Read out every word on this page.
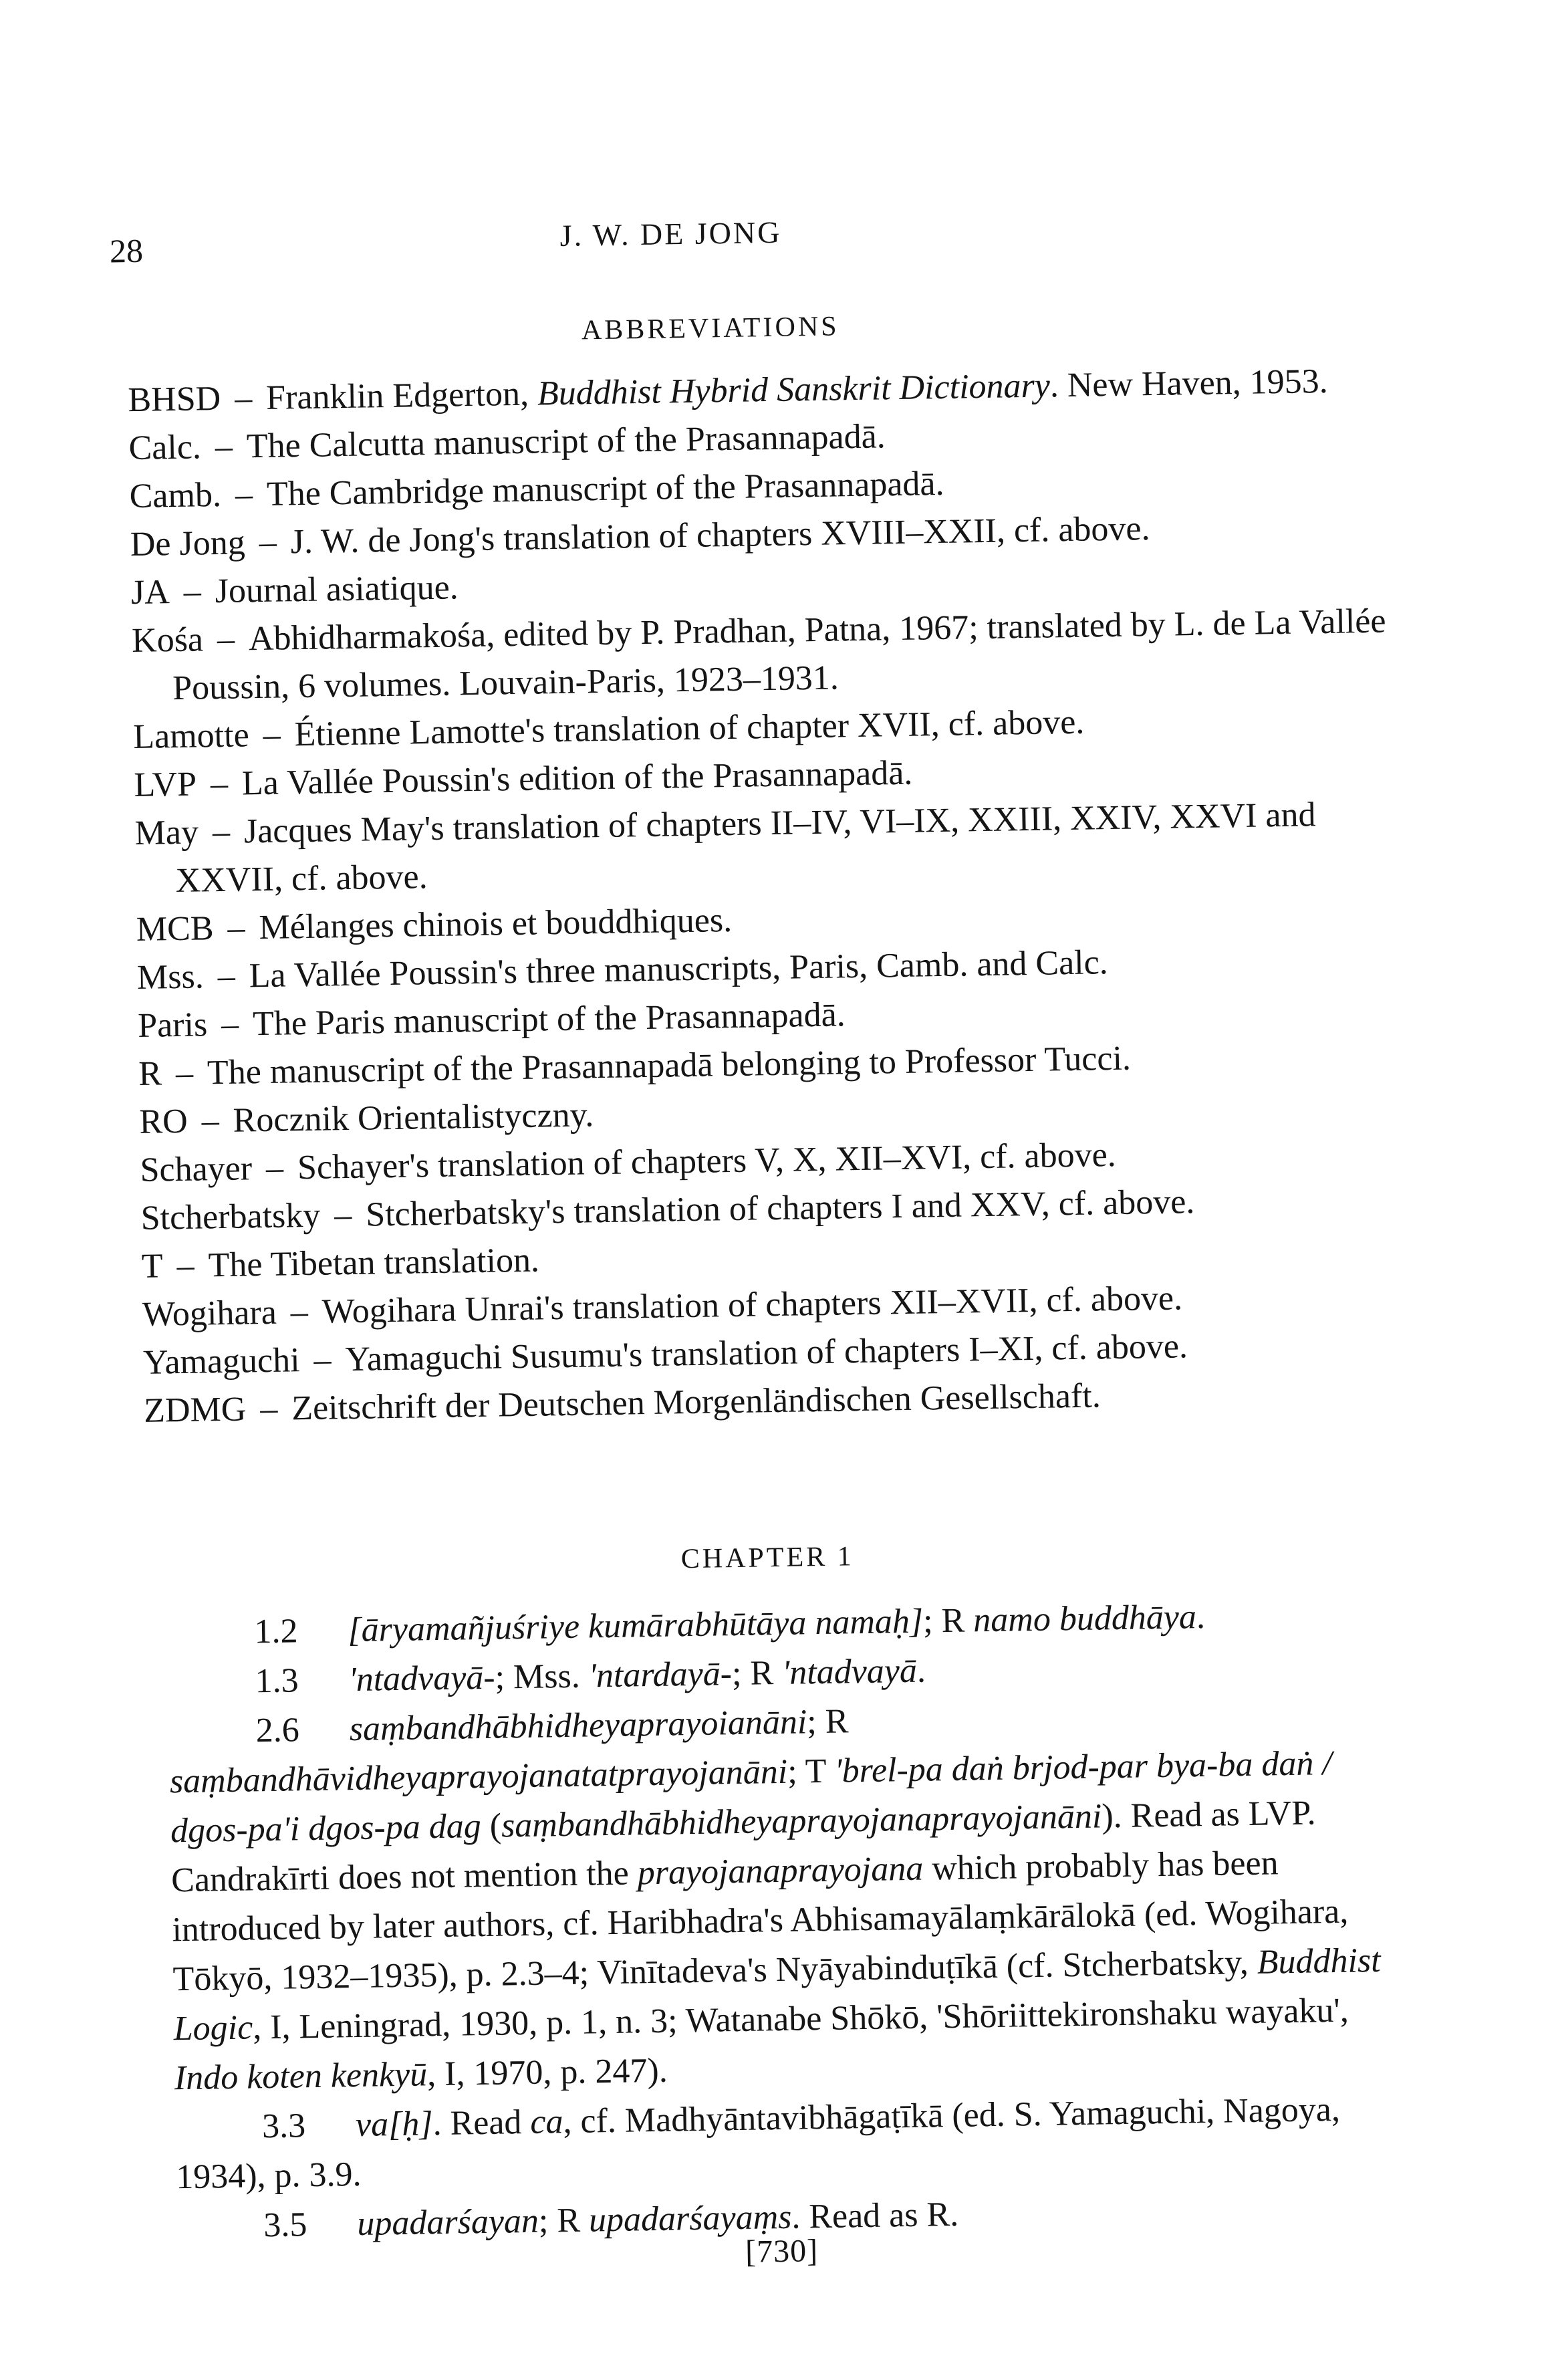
28	J. W. DE JONG
ABBREVIATIONS

BHSD – Franklin Edgerton, Buddhist Hybrid Sanskrit Dictionary. New Haven, 1953.

Calc. – The Calcutta manuscript of the Prasannapadā.

Camb. – The Cambridge manuscript of the Prasannapadā.

De Jong – J. W. de Jong's translation of chapters XVIII–XXII, cf. above.

JA – Journal asiatique.

Kośa – Abhidharmakośa, edited by P. Pradhan, Patna, 1967; translated by L. de La Vallée Poussin, 6 volumes. Louvain-Paris, 1923–1931.

Lamotte – Étienne Lamotte's translation of chapter XVII, cf. above.

LVP – La Vallée Poussin's edition of the Prasannapadā.

May – Jacques May's translation of chapters II–IV, VI–IX, XXIII, XXIV, XXVI and XXVII, cf. above.

MCB – Mélanges chinois et bouddhiques.

Mss. – La Vallée Poussin's three manuscripts, Paris, Camb. and Calc.

Paris – The Paris manuscript of the Prasannapadā.

R – The manuscript of the Prasannapadā belonging to Professor Tucci.

RO – Rocznik Orientalistyczny.

Schayer – Schayer's translation of chapters V, X, XII–XVI, cf. above.

Stcherbatsky – Stcherbatsky's translation of chapters I and XXV, cf. above.

T – The Tibetan translation.

Wogihara – Wogihara Unrai's translation of chapters XII–XVII, cf. above.

Yamaguchi – Yamaguchi Susumu's translation of chapters I–XI, cf. above.

ZDMG – Zeitschrift der Deutschen Morgenländischen Gesellschaft.

CHAPTER 1

1.2 [āryamañjuśriye kumārabhūtāya namaḥ]; R namo buddhāya.

1.3 'ntadvayā-; Mss. 'ntardayā-; R 'ntadvayā.

2.6 saṃbandhābhidheyaprayoianāni; R saṃbandhāvidheyaprayojanatatprayojanāni; T 'brel-pa daṅ brjod-par bya-ba daṅ / dgos-pa'i dgos-pa dag (saṃbandhābhidheyaprayojanaprayojanāni). Read as LVP. Candrakīrti does not mention the prayojanaprayojana which probably has been introduced by later authors, cf. Haribhadra's Abhisamayālaṃkārālokā (ed. Wogihara, Tōkyō, 1932–1935), p. 2.3–4; Vinītadeva's Nyāyabinduṭīkā (cf. Stcherbatsky, Buddhist Logic, I, Leningrad, 1930, p. 1, n. 3; Watanabe Shōkō, 'Shōriittekironshaku wayaku', Indo koten kenkyū, I, 1970, p. 247).

3.3 va[ḥ]. Read ca, cf. Madhyāntavibhāgaṭīkā (ed. S. Yamaguchi, Nagoya, 1934), p. 3.9.

3.5 upadarśayan; R upadarśayaṃs. Read as R.

[730]
